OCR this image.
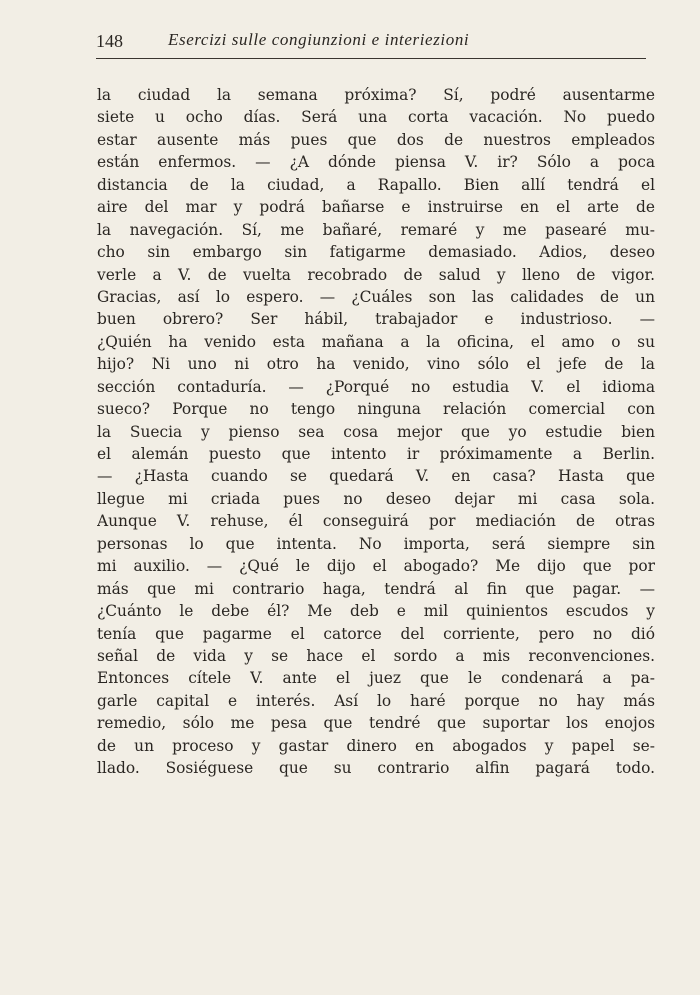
148	Esercizi sulle congiunzioni e interiezioni
la ciudad la semana próxima? Sí, podré ausentarme
siete u ocho días. Será una corta vacación. No puedo
estar ausente más pues que dos de nuestros empleados
están enfermos. — ¿A dónde piensa V. ir? Sólo a poca
distancia de la ciudad, a Rapallo. Bien allí tendrá el
aire del mar y podrá bañarse e instruirse en el arte de
la navegación. Sí, me bañaré, remaré y me pasearé mu-
cho sin embargo sin fatigarme demasiado. Adios, deseo
verle a V. de vuelta recobrado de salud y lleno de vigor.
Gracias, así lo espero. — ¿Cuáles son las calidades de un
buen obrero? Ser hábil, trabajador e industrioso. —
¿Quién ha venido esta mañana a la oficina, el amo o su
hijo? Ni uno ni otro ha venido, vino sólo el jefe de la
sección contaduría. — ¿Porqué no estudia V. el idioma
sueco? Porque no tengo ninguna relación comercial con
la Suecia y pienso sea cosa mejor que yo estudie bien
el alemán puesto que intento ir próximamente a Berlin.
— ¿Hasta cuando se quedará V. en casa? Hasta que
llegue mi criada pues no deseo dejar mi casa sola.
Aunque V. rehuse, él conseguirá por mediación de otras
personas lo que intenta. No importa, será siempre sin
mi auxilio. — ¿Qué le dijo el abogado? Me dijo que por
más que mi contrario haga, tendrá al fin que pagar. —
¿Cuánto le debe él? Me deb e mil quinientos escudos y
tenía que pagarme el catorce del corriente, pero no dió
señal de vida y se hace el sordo a mis reconvenciones.
Entonces cítele V. ante el juez que le condenará a pa-
garle capital e interés. Así lo haré porque no hay más
remedio, sólo me pesa que tendré que suportar los enojos
de un proceso y gastar dinero en abogados y papel se-
llado. Sosiéguese que su contrario alfin pagará todo.
